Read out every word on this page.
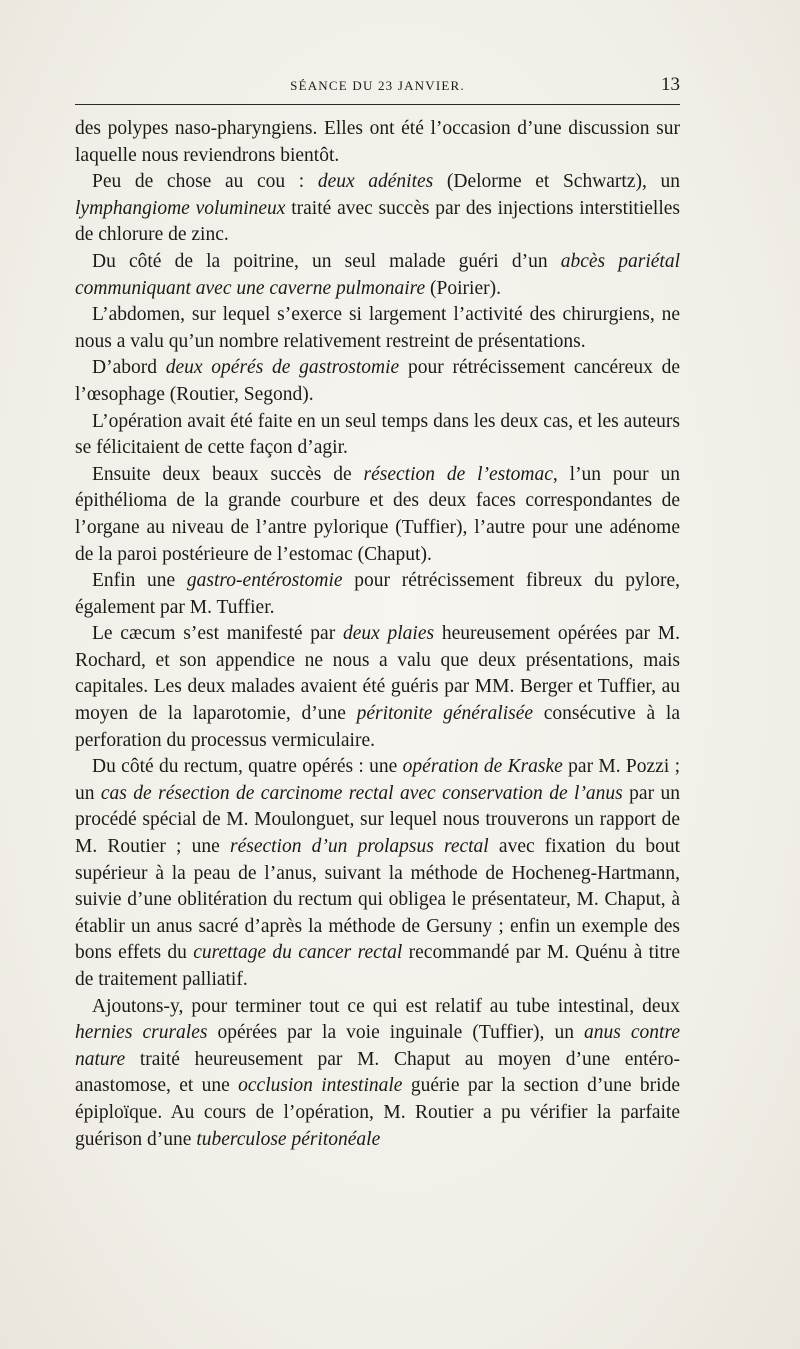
SÉANCE DU 23 JANVIER.	13

des polypes naso-pharyngiens. Elles ont été l’occasion d’une discussion sur laquelle nous reviendrons bientôt.

Peu de chose au cou : deux adénites (Delorme et Schwartz), un lymphangiome volumineux traité avec succès par des injections interstitielles de chlorure de zinc.

Du côté de la poitrine, un seul malade guéri d’un abcès pariétal communiquant avec une caverne pulmonaire (Poirier).

L’abdomen, sur lequel s’exerce si largement l’activité des chirurgiens, ne nous a valu qu’un nombre relativement restreint de présentations.

D’abord deux opérés de gastrostomie pour rétrécissement cancéreux de l’œsophage (Routier, Segond).

L’opération avait été faite en un seul temps dans les deux cas, et les auteurs se félicitaient de cette façon d’agir.

Ensuite deux beaux succès de résection de l’estomac, l’un pour un épithélioma de la grande courbure et des deux faces correspondantes de l’organe au niveau de l’antre pylorique (Tuffier), l’autre pour une adénome de la paroi postérieure de l’estomac (Chaput).

Enfin une gastro-entérostomie pour rétrécissement fibreux du pylore, également par M. Tuffier.

Le cæcum s’est manifesté par deux plaies heureusement opérées par M. Rochard, et son appendice ne nous a valu que deux présentations, mais capitales. Les deux malades avaient été guéris par MM. Berger et Tuffier, au moyen de la laparotomie, d’une péritonite généralisée consécutive à la perforation du processus vermiculaire.

Du côté du rectum, quatre opérés : une opération de Kraske par M. Pozzi ; un cas de résection de carcinome rectal avec conservation de l’anus par un procédé spécial de M. Moulonguet, sur lequel nous trouverons un rapport de M. Routier ; une résection d’un prolapsus rectal avec fixation du bout supérieur à la peau de l’anus, suivant la méthode de Hocheneg-Hartmann, suivie d’une oblitération du rectum qui obligea le présentateur, M. Chaput, à établir un anus sacré d’après la méthode de Gersuny ; enfin un exemple des bons effets du curettage du cancer rectal recommandé par M. Quénu à titre de traitement palliatif.

Ajoutons-y, pour terminer tout ce qui est relatif au tube intestinal, deux hernies crurales opérées par la voie inguinale (Tuffier), un anus contre nature traité heureusement par M. Chaput au moyen d’une entéro-anastomose, et une occlusion intestinale guérie par la section d’une bride épiploïque. Au cours de l’opération, M. Routier a pu vérifier la parfaite guérison d’une tuberculose péritonéale
